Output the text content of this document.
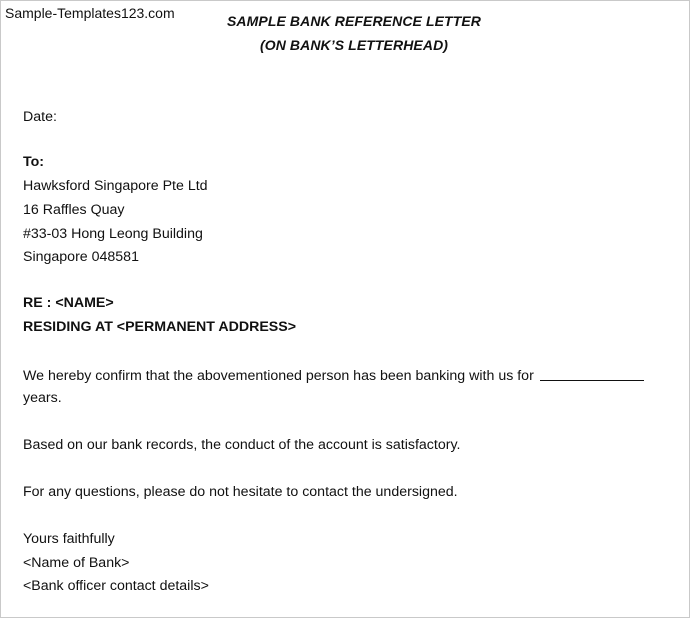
Sample-Templates123.com	SAMPLE BANK REFERENCE LETTER
(ON BANK’S LETTERHEAD)
Date:
To:
Hawksford Singapore Pte Ltd
16 Raffles Quay
#33-03 Hong Leong Building
Singapore 048581
RE : <NAME>
RESIDING AT <PERMANENT ADDRESS>
We hereby confirm that the abovementioned person has been banking with us for
years.
Based on our bank records, the conduct of the account is satisfactory.
For any questions, please do not hesitate to contact the undersigned.
Yours faithfully
<Name of Bank>
<Bank officer contact details>
